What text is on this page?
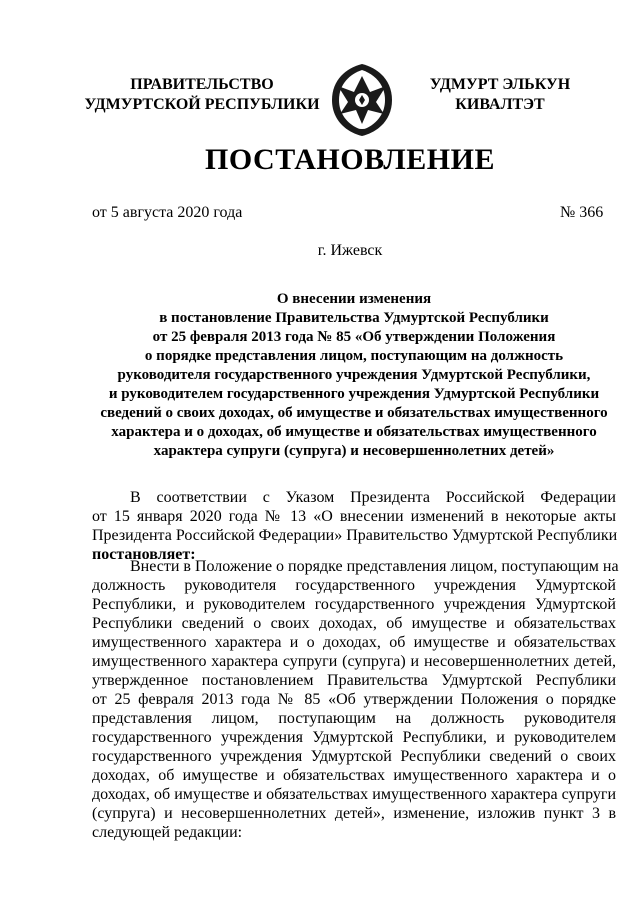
ПРАВИТЕЛЬСТВО
УДМУРТСКОЙ РЕСПУБЛИКИ
УДМУРТ ЭЛЬКУН
КИВАЛТЭТ
ПОСТАНОВЛЕНИЕ
от 5 августа 2020 года	№ 366
г. Ижевск
О внесении изменения
в постановление Правительства Удмуртской Республики
от 25 февраля 2013 года № 85 «Об утверждении Положения
о порядке представления лицом, поступающим на должность
руководителя государственного учреждения Удмуртской Республики,
и руководителем государственного учреждения Удмуртской Республики
сведений о своих доходах, об имуществе и обязательствах имущественного
характера и о доходах, об имуществе и обязательствах имущественного
характера супруги (супруга) и несовершеннолетних детей»
В соответствии с Указом Президента Российской Федерации
от 15 января 2020 года № 13 «О внесении изменений в некоторые акты
Президента Российской Федерации» Правительство Удмуртской Республики
постановляет:
Внести в Положение о порядке представления лицом, поступающим на
должность руководителя государственного учреждения Удмуртской
Республики, и руководителем государственного учреждения Удмуртской
Республики сведений о своих доходах, об имуществе и обязательствах
имущественного характера и о доходах, об имуществе и обязательствах
имущественного характера супруги (супруга) и несовершеннолетних детей,
утвержденное постановлением Правительства Удмуртской Республики
от 25 февраля 2013 года № 85 «Об утверждении Положения о порядке
представления лицом, поступающим на должность руководителя
государственного учреждения Удмуртской Республики, и руководителем
государственного учреждения Удмуртской Республики сведений о своих
доходах, об имуществе и обязательствах имущественного характера и о
доходах, об имуществе и обязательствах имущественного характера супруги
(супруга) и несовершеннолетних детей», изменение, изложив пункт 3 в
следующей редакции:
